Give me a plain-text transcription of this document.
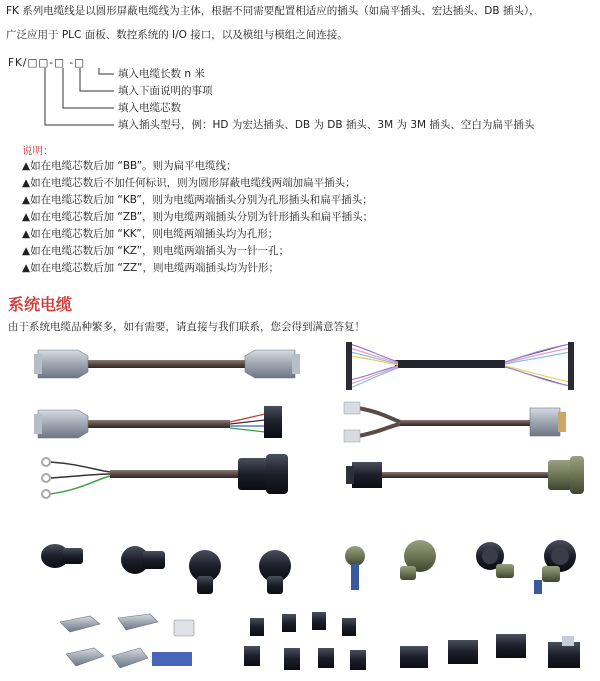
FK 系列电缆线是以圆形屏蔽电缆线为主体，根据不同需要配置相适应的插头（如扁平插头、宏达插头、DB 插头），
广泛应用于 PLC 面板、数控系统的 I/O 接口，以及模组与模组之间连接。
FK/□□-□ -□
填入电缆长数 n 米
填入下面说明的事项
填入电缆芯数
填入插头型号，例：HD 为宏达插头、DB 为 DB 插头、3M 为 3M 插头、空白为扁平插头
说明：
▲如在电缆芯数后加 “BB”。则为扁平电缆线；
▲如在电缆芯数后不加任何标识，则为圆形屏蔽电缆线两端加扁平插头；
▲如在电缆芯数后加 “KB”，则为电缆两端插头分别为孔形插头和扁平插头；
▲如在电缆芯数后加 “ZB”，则为电缆两端插头分别为针形插头和扁平插头；
▲如在电缆芯数后加 “KK”，则电缆两端插头均为孔形；
▲如在电缆芯数后加 “KZ”，则电缆两端插头为一针一孔；
▲如在电缆芯数后加 “ZZ”，则电缆两端插头均为针形；
系统电缆
由于系统电缆品种繁多，如有需要，请直接与我们联系，您会得到满意答复！
